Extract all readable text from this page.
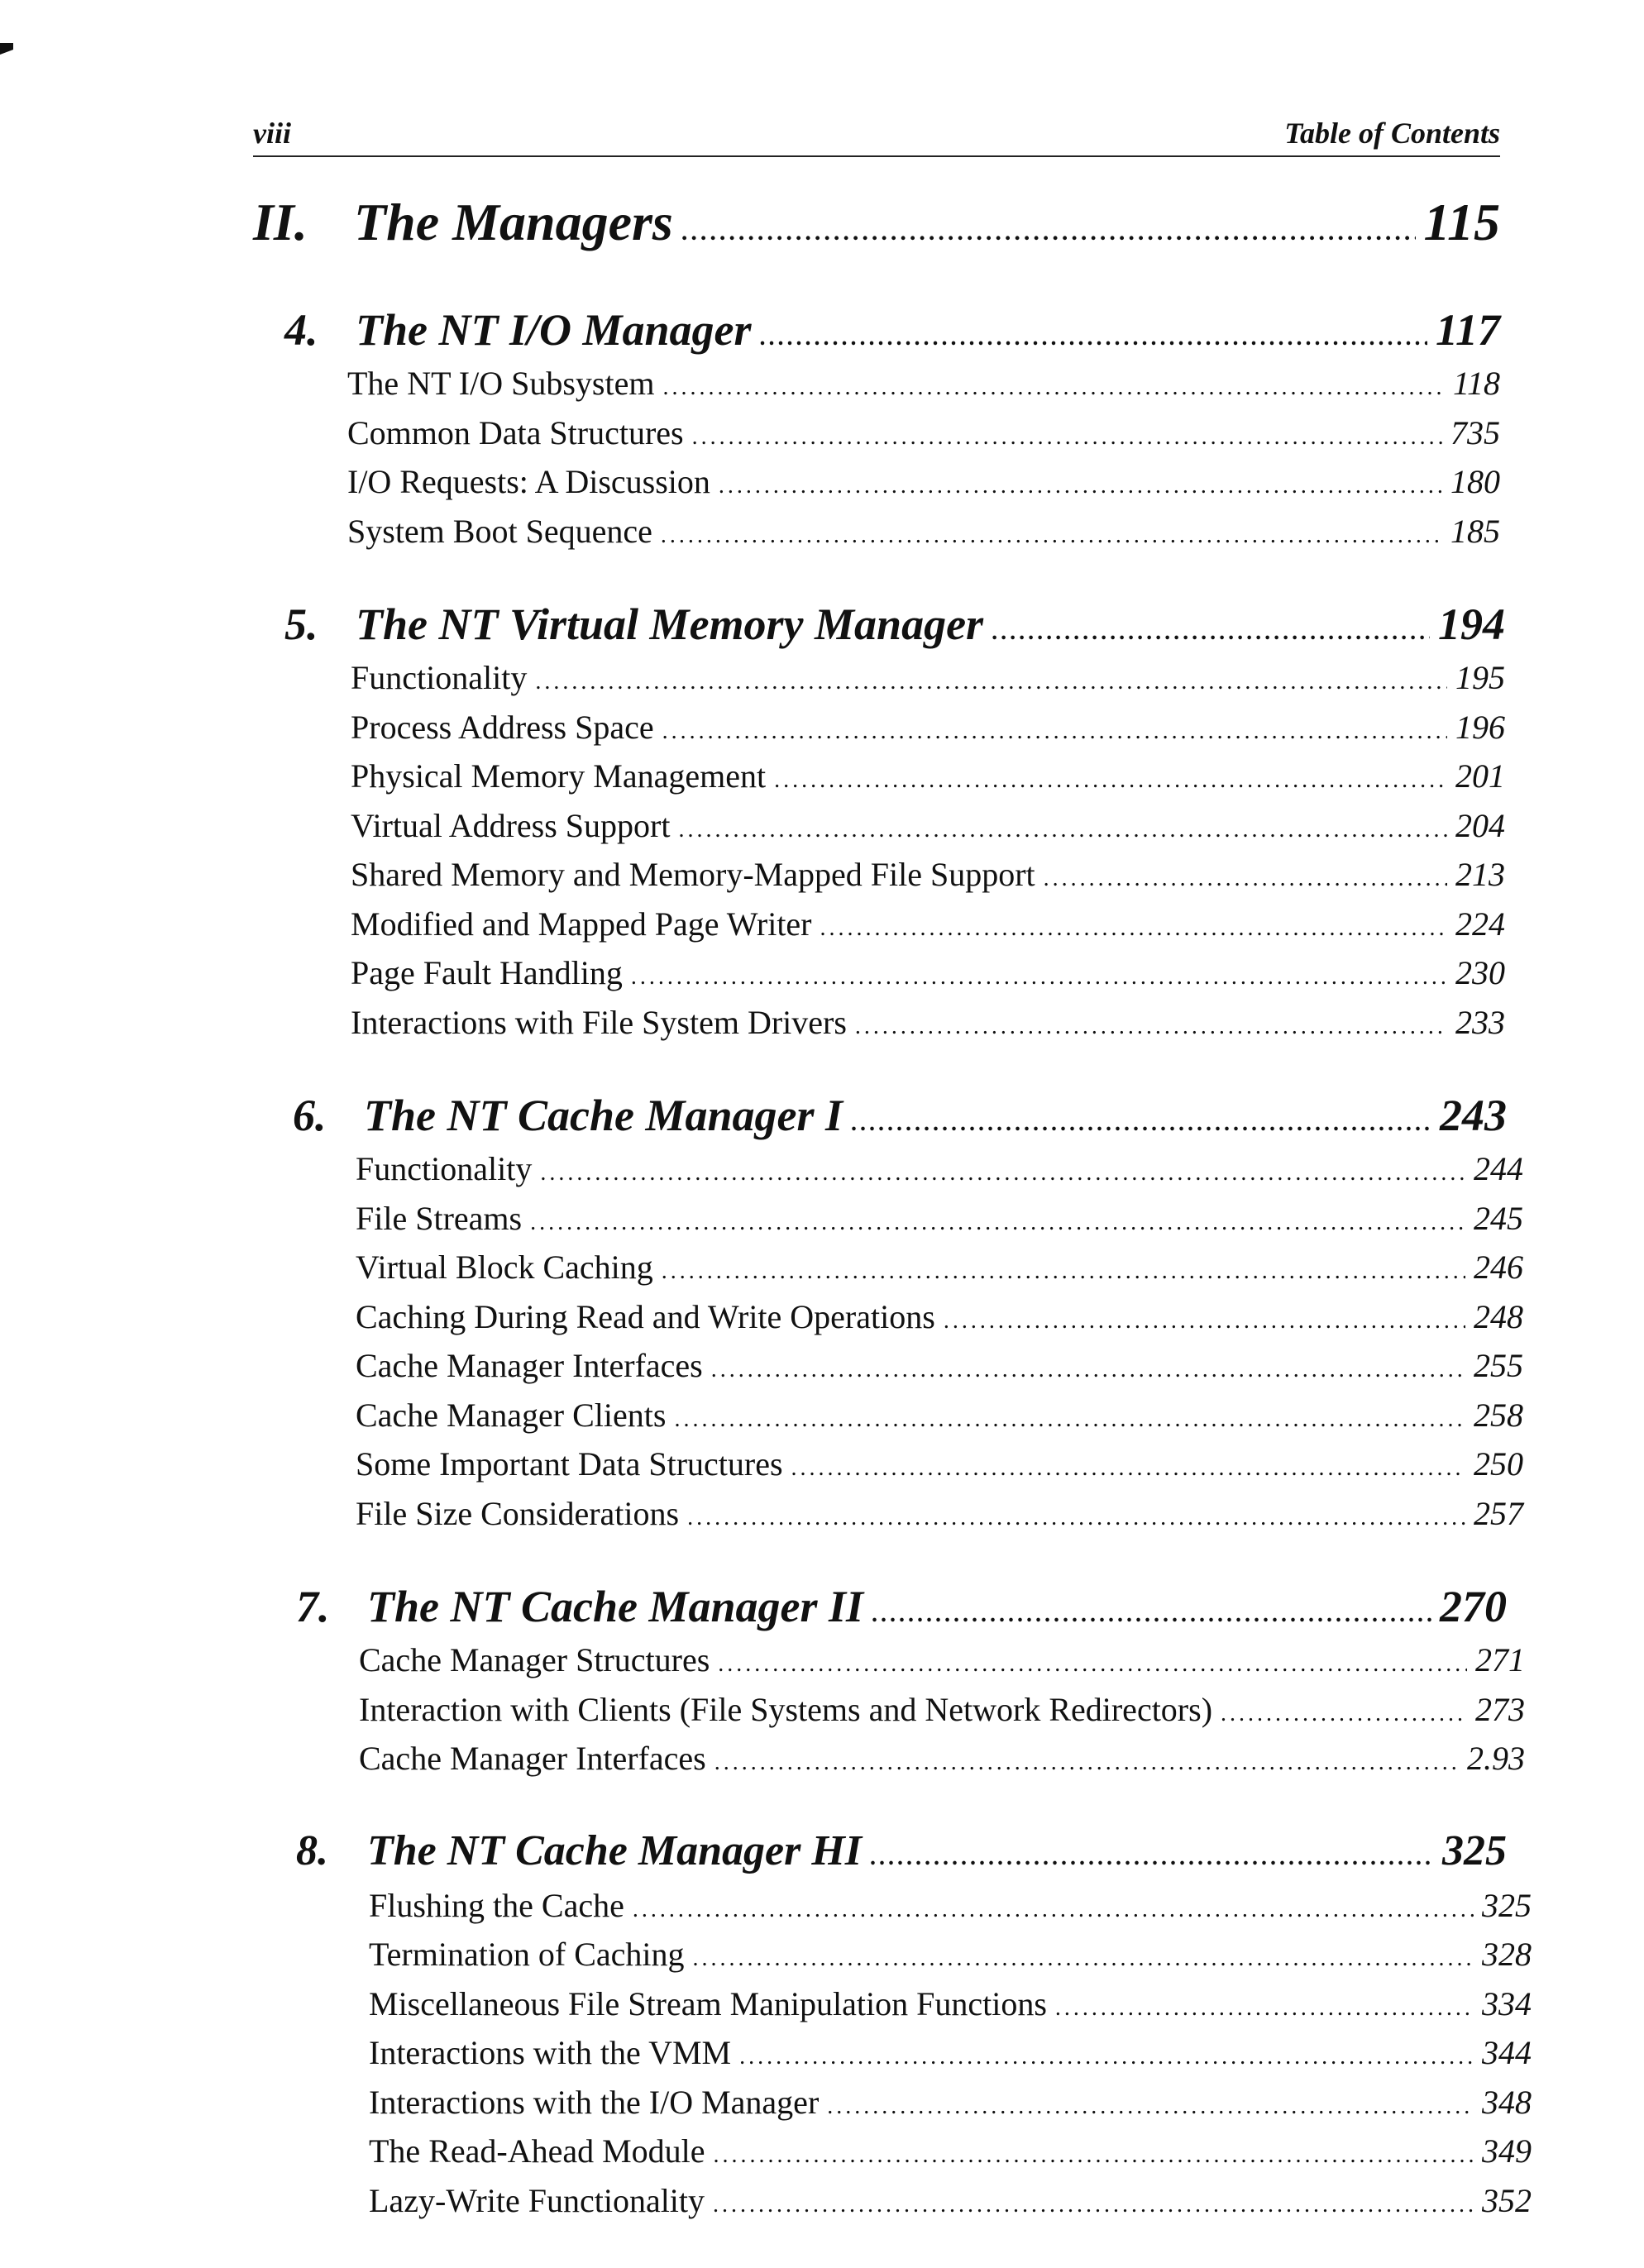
viii	Table of Contents
II. The Managers .....	115
4. The NT I/O Manager .....	117
The NT I/O Subsystem .....	118
Common Data Structures .....	735
I/O Requests: A Discussion .....	180
System Boot Sequence .....	185
5. The NT Virtual Memory Manager .....	194
Functionality .....	195
Process Address Space .....	196
Physical Memory Management .....	201
Virtual Address Support .....	204
Shared Memory and Memory-Mapped File Support .....	213
Modified and Mapped Page Writer .....	224
Page Fault Handling .....	230
Interactions with File System Drivers .....	233
6. The NT Cache Manager I .....	243
Functionality .....	244
File Streams .....	245
Virtual Block Caching .....	246
Caching During Read and Write Operations .....	248
Cache Manager Interfaces .....	255
Cache Manager Clients .....	258
Some Important Data Structures .....	250
File Size Considerations .....	257
7. The NT Cache Manager II .....	270
Cache Manager Structures .....	271
Interaction with Clients (File Systems and Network Redirectors) .....	273
Cache Manager Interfaces .....	2.93
8. The NT Cache Manager HI .....	325
Flushing the Cache .....	325
Termination of Caching .....	328
Miscellaneous File Stream Manipulation Functions .....	334
Interactions with the VMM .....	344
Interactions with the I/O Manager .....	348
The Read-Ahead Module .....	349
Lazy-Write Functionality .....	352
